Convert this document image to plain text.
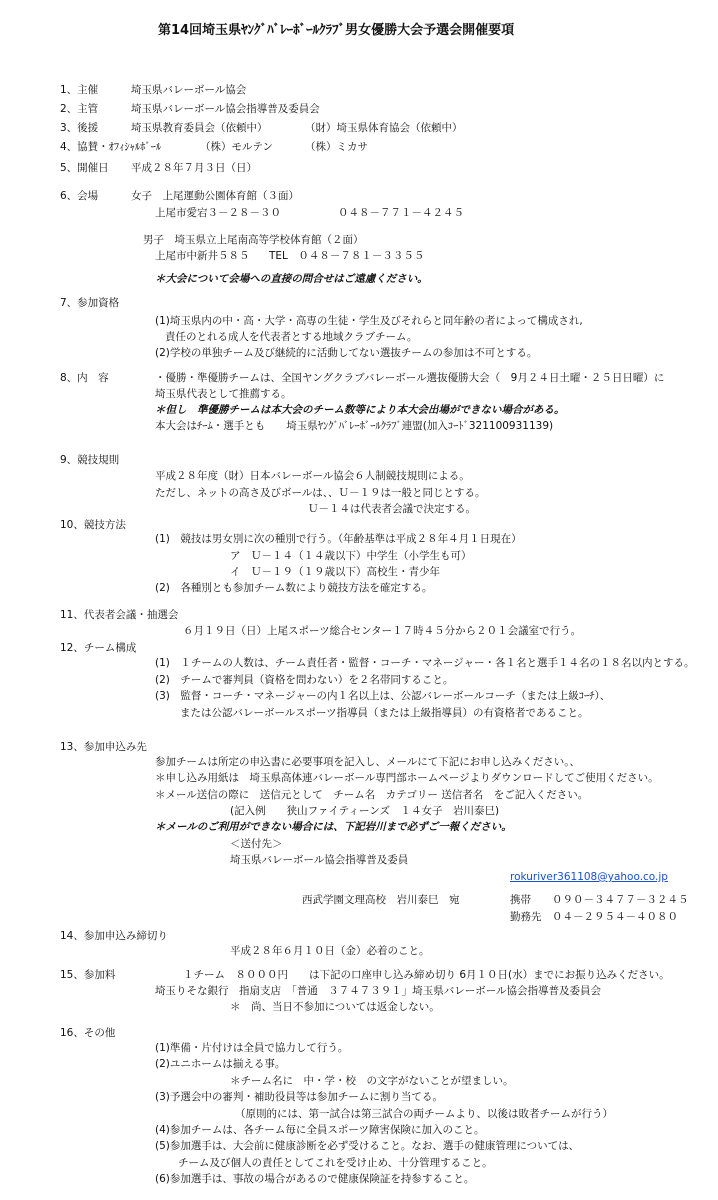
第14回埼玉県ﾔﾝｸﾞﾊﾞﾚｰﾎﾞｰﾙｸﾗﾌﾞ男女優勝大会予選会開催要項
1、主催	埼玉県バレーボール協会
2、主管	埼玉県バレーボール協会指導普及委員会
3、後援	埼玉県教育委員会（依頼中）	（財）埼玉県体育協会（依頼中）
4、協賛・ｵﾌｨｼｬﾙﾎﾞｰﾙ	（株）モルテン	（株）ミカサ
5、開催日 平成２８年７月３日（日）
6、会場	女子　上尾運動公園体育館（３面）
上尾市愛宕３－２８－３０	０４８－７７１－４２４５
男子　埼玉県立上尾南高等学校体育館（２面）
上尾市中新井５８５ TEL　０４８－７８１－３３５５
＊大会について会場への直接の問合せはご遠慮ください。
7、参加資格
(1)埼玉県内の中・高・大学・高専の生徒・学生及びそれらと同年齢の者によって構成され,
責任のとれる成人を代表者とする地域クラブチーム。
(2)学校の単独チーム及び継続的に活動してない選抜チームの参加は不可とする。
8、内　容	・優勝・準優勝チームは、全国ヤングクラブバレーボール選抜優勝大会（　9月２４日土曜・２５日日曜）に
埼玉県代表として推薦する。
＊但し　準優勝チームは本大会のチーム数等により本大会出場ができない場合がある。
本大会はﾁｰﾑ・選手とも　　埼玉県ﾔﾝｸﾞﾊﾞﾚｰﾎﾞｰﾙｸﾗﾌﾞ連盟(加入ｺｰﾄﾞ321100931139)
9、競技規則
平成２８年度（財）日本バレーボール協会６人制競技規則による。
ただし、ネットの高さ及びボールは、、Ｕ－１９は一般と同じとする。
Ｕ－１４は代表者会議で決定する。
10、競技方法
(1)　競技は男女別に次の種別で行う。（年齢基準は平成２８年４月１日現在）
ア　Ｕ－１４（１４歳以下）中学生（小学生も可）
イ　Ｕ－１９（１９歳以下）高校生・青少年
(2)　各種別とも参加チーム数により競技方法を確定する。
11、代表者会議・抽選会
６月１９日（日）上尾スポーツ総合センター１７時４５分から２０１会議室で行う。
12、チーム構成
(1)　１チームの人数は、チーム責任者・監督・コーチ・マネージャー・各１名と選手１４名の１８名以内とする。
(2)　チームで審判員（資格を問わない）を２名帯同すること。
(3)　監督・コーチ・マネージャーの内１名以上は、公認バレーボールコーチ（または上級ｺｰﾁ）、
または公認バレーボールスポーツ指導員（または上級指導員）の有資格者であること。
13、参加申込み先
参加チームは所定の申込書に必要事項を記入し、メールにて下記にお申し込みください。、
＊申し込み用紙は　埼玉県高体連バレーボール専門部ホームページよりダウンロードしてご使用ください。
＊メール送信の際に　送信元として　チーム名　カテゴリー 送信者名　をご記入ください。
(記入例　　狭山ファイティーンズ　１４女子　岩川泰巳)
＊メールのご利用ができない場合には、下記岩川まで必ずご一報ください。
＜送付先＞
埼玉県バレーボール協会指導普及委員
rokuriver361108@yahoo.co.jp
西武学園文理高校　岩川泰巳　宛	携帯　　０９０－３４７７－３２４５
勤務先　０４－２９５４－４０８０
14、参加申込み締切り
平成２８年６月１０日（金）必着のこと。
15、参加料	１チーム　８０００円　　は下記の口座申し込み締め切り 6月１０日(水）までにお振り込みください。
埼玉りそな銀行　指扇支店　「普通　３７４７３９１」埼玉県バレーボール協会指導普及委員会
＊　尚、当日不参加については返金しない。
16、その他
(1)準備・片付けは全員で協力して行う。
(2)ユニホームは揃える事。
＊チーム名に　中・学・校　の文字がないことが望ましい。
(3)予選会中の審判・補助役員等は参加チームに割り当てる。
（原則的には、第一試合は第三試合の両チームより、以後は敗者チームが行う）
(4)参加チームは、各チーム毎に全員スポーツ障害保険に加入のこと。
(5)参加選手は、大会前に健康診断を必ず受けること。なお、選手の健康管理については、
チーム及び個人の責任としてこれを受け止め、十分管理すること。
(6)参加選手は、事故の場合があるので健康保険証を持参すること。
